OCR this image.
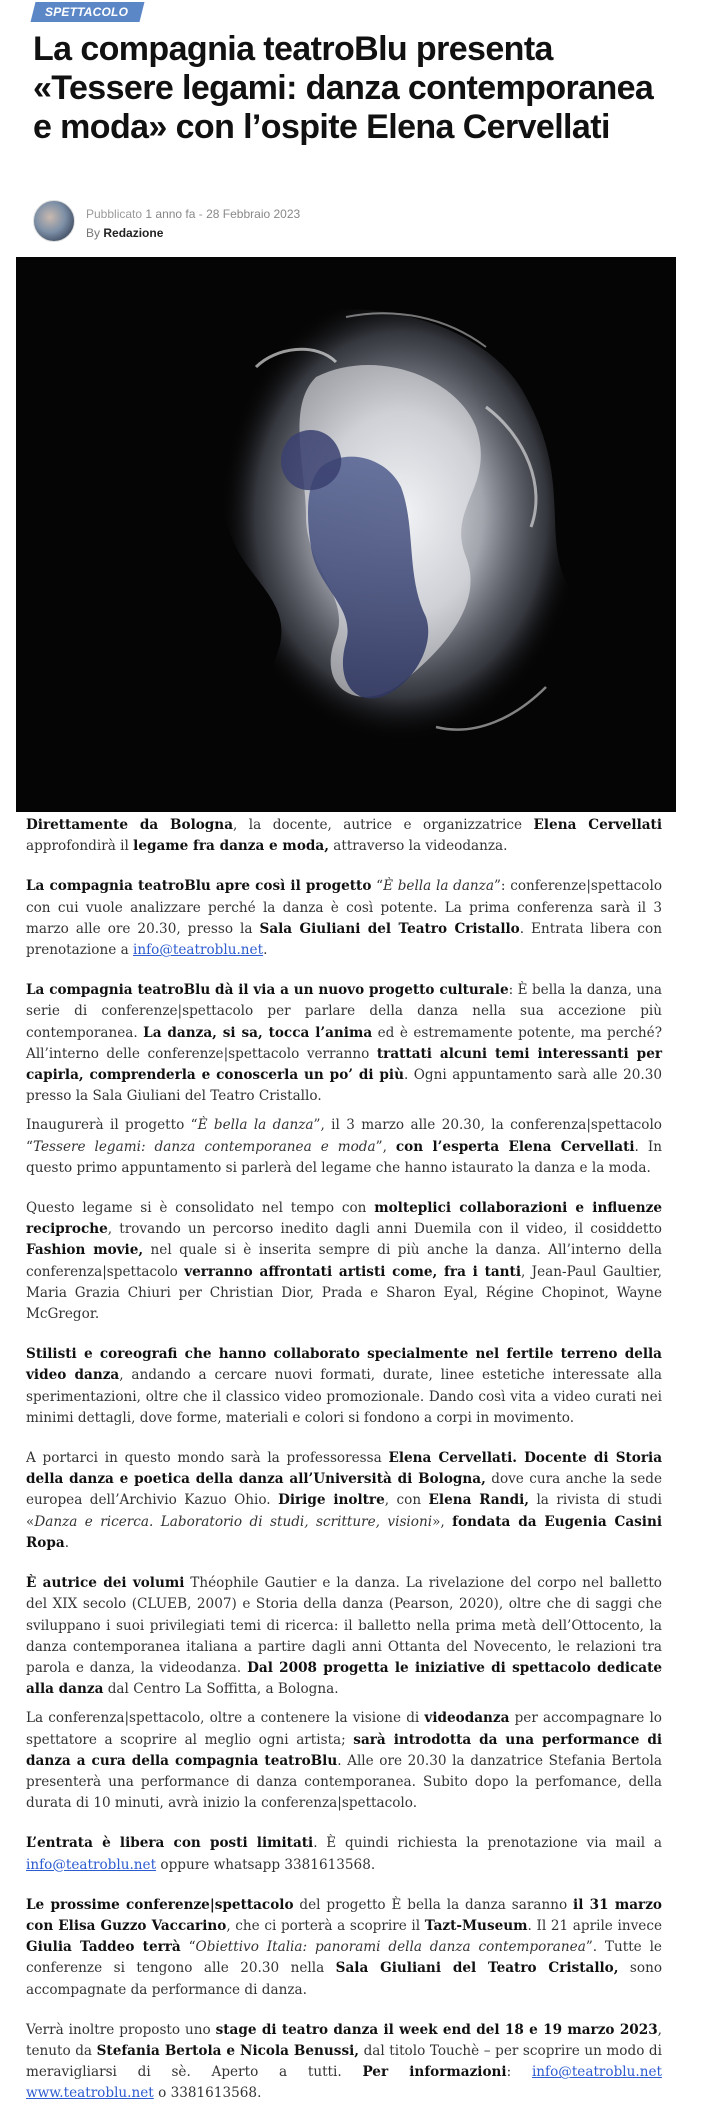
SPETTACOLO
La compagnia teatroBlu presenta «Tessere legami: danza contemporanea e moda» con l’ospite Elena Cervellati
Pubblicato 1 anno fa - 28 Febbraio 2023
By Redazione

Direttamente da Bologna, la docente, autrice e organizzatrice Elena Cervellati approfondirà il legame fra danza e moda, attraverso la videodanza.

La compagnia teatroBlu apre così il progetto “È bella la danza”: conferenze|spettacolo con cui vuole analizzare perché la danza è così potente. La prima conferenza sarà il 3 marzo alle ore 20.30, presso la Sala Giuliani del Teatro Cristallo. Entrata libera con prenotazione a info@teatroblu.net.

La compagnia teatroBlu dà il via a un nuovo progetto culturale: È bella la danza, una serie di conferenze|spettacolo per parlare della danza nella sua accezione più contemporanea. La danza, si sa, tocca l’anima ed è estremamente potente, ma perché? All’interno delle conferenze|spettacolo verranno trattati alcuni temi interessanti per capirla, comprenderla e conoscerla un po’ di più. Ogni appuntamento sarà alle 20.30 presso la Sala Giuliani del Teatro Cristallo.

Inaugurerà il progetto “È bella la danza”, il 3 marzo alle 20.30, la conferenza|spettacolo “Tessere legami: danza contemporanea e moda”, con l’esperta Elena Cervellati. In questo primo appuntamento si parlerà del legame che hanno istaurato la danza e la moda.

Questo legame si è consolidato nel tempo con molteplici collaborazioni e influenze reciproche, trovando un percorso inedito dagli anni Duemila con il video, il cosiddetto Fashion movie, nel quale si è inserita sempre di più anche la danza. All’interno della conferenza|spettacolo verranno affrontati artisti come, fra i tanti, Jean-Paul Gaultier, Maria Grazia Chiuri per Christian Dior, Prada e Sharon Eyal, Régine Chopinot, Wayne McGregor.

Stilisti e coreografi che hanno collaborato specialmente nel fertile terreno della video danza, andando a cercare nuovi formati, durate, linee estetiche interessate alla sperimentazioni, oltre che il classico video promozionale. Dando così vita a video curati nei minimi dettagli, dove forme, materiali e colori si fondono a corpi in movimento.

A portarci in questo mondo sarà la professoressa Elena Cervellati. Docente di Storia della danza e poetica della danza all’Università di Bologna, dove cura anche la sede europea dell’Archivio Kazuo Ohio. Dirige inoltre, con Elena Randi, la rivista di studi «Danza e ricerca. Laboratorio di studi, scritture, visioni», fondata da Eugenia Casini Ropa.

È autrice dei volumi Théophile Gautier e la danza. La rivelazione del corpo nel balletto del XIX secolo (CLUEB, 2007) e Storia della danza (Pearson, 2020), oltre che di saggi che sviluppano i suoi privilegiati temi di ricerca: il balletto nella prima metà dell’Ottocento, la danza contemporanea italiana a partire dagli anni Ottanta del Novecento, le relazioni tra parola e danza, la videodanza. Dal 2008 progetta le iniziative di spettacolo dedicate alla danza dal Centro La Soffitta, a Bologna.

La conferenza|spettacolo, oltre a contenere la visione di videodanza per accompagnare lo spettatore a scoprire al meglio ogni artista; sarà introdotta da una performance di danza a cura della compagnia teatroBlu. Alle ore 20.30 la danzatrice Stefania Bertola presenterà una performance di danza contemporanea. Subito dopo la perfomance, della durata di 10 minuti, avrà inizio la conferenza|spettacolo.

L’entrata è libera con posti limitati. È quindi richiesta la prenotazione via mail a info@teatroblu.net oppure whatsapp 3381613568.

Le prossime conferenze|spettacolo del progetto È bella la danza saranno il 31 marzo con Elisa Guzzo Vaccarino, che ci porterà a scoprire il Tazt-Museum. Il 21 aprile invece Giulia Taddeo terrà “Obiettivo Italia: panorami della danza contemporanea”. Tutte le conferenze si tengono alle 20.30 nella Sala Giuliani del Teatro Cristallo, sono accompagnate da performance di danza.

Verrà inoltre proposto uno stage di teatro danza il week end del 18 e 19 marzo 2023, tenuto da Stefania Bertola e Nicola Benussi, dal titolo Touchè – per scoprire un modo di meravigliarsi di sè. Aperto a tutti. Per informazioni: info@teatroblu.net www.teatroblu.net o 3381613568.
